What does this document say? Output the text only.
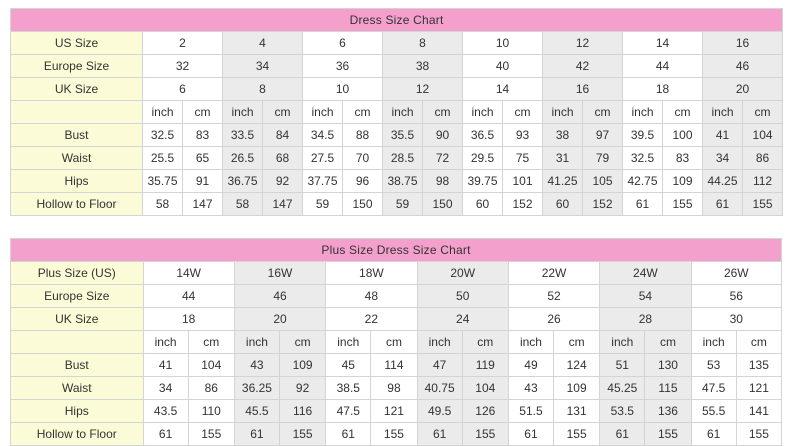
Dress Size Chart																
US Size	2		4		6		8		10		12		14		16	
Europe Size	32		34		36		38		40		42		44		46	
UK Size	6		8		10		12		14		16		18		20	
	inch	cm	inch	cm	inch	cm	inch	cm	inch	cm	inch	cm	inch	cm	inch	cm
Bust	32.5	83	33.5	84	34.5	88	35.5	90	36.5	93	38	97	39.5	100	41	104
Waist	25.5	65	26.5	68	27.5	70	28.5	72	29.5	75	31	79	32.5	83	34	86
Hips	35.75	91	36.75	92	37.75	96	38.75	98	39.75	101	41.25	105	42.75	109	44.25	112
Hollow to Floor	58	147	58	147	59	150	59	150	60	152	60	152	61	155	61	155
Plus Size Dress Size Chart														
Plus Size (US)	14W		16W		18W		20W		22W		24W		26W	
Europe Size	44		46		48		50		52		54		56	
UK Size	18		20		22		24		26		28		30	
	inch	cm	inch	cm	inch	cm	inch	cm	inch	cm	inch	cm	inch	cm
Bust	41	104	43	109	45	114	47	119	49	124	51	130	53	135
Waist	34	86	36.25	92	38.5	98	40.75	104	43	109	45.25	115	47.5	121
Hips	43.5	110	45.5	116	47.5	121	49.5	126	51.5	131	53.5	136	55.5	141
Hollow to Floor	61	155	61	155	61	155	61	155	61	155	61	155	61	155
